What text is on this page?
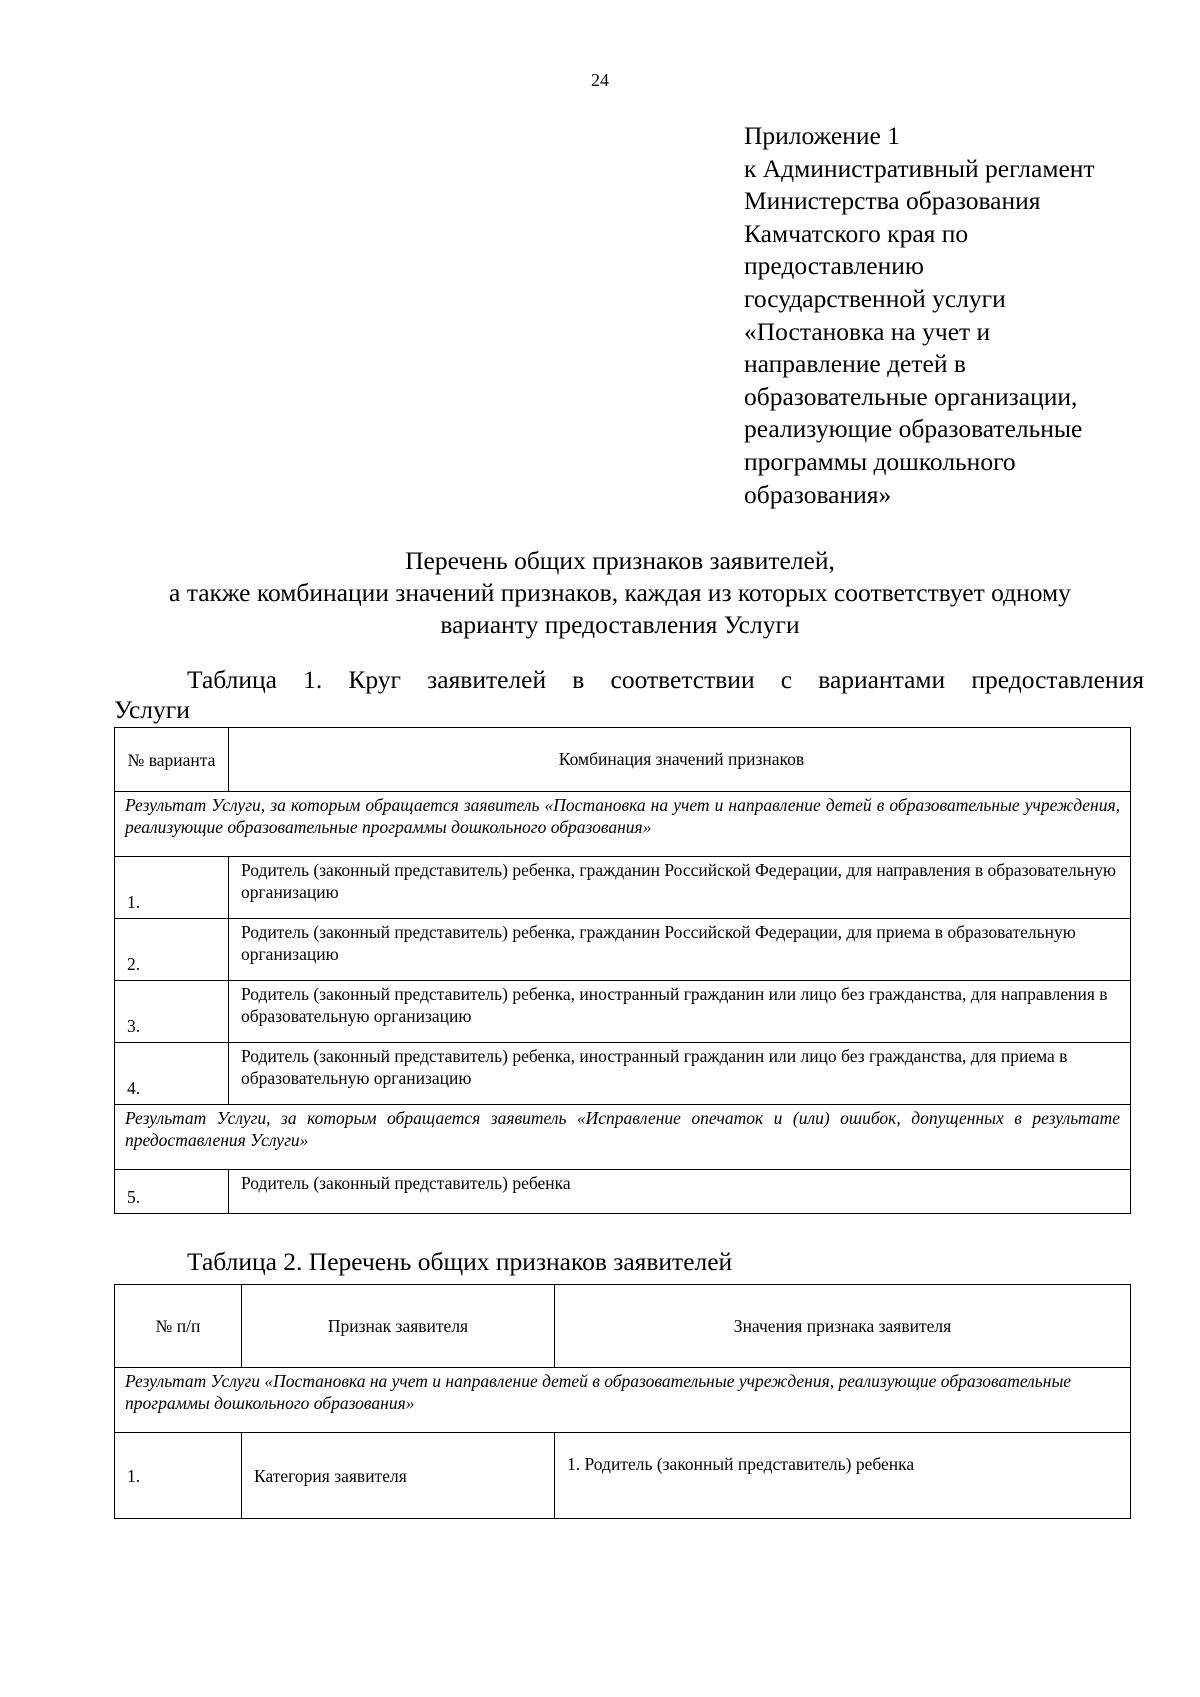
24
Приложение 1
к Административный регламент
Министерства образования
Камчатского края по
предоставлению
государственной услуги
«Постановка на учет и
направление детей в
образовательные организации,
реализующие образовательные
программы дошкольного
образования»
Перечень общих признаков заявителей,
а также комбинации значений признаков, каждая из которых соответствует одному
варианту предоставления Услуги
Таблица 1. Круг заявителей в соответствии с вариантами предоставления
Услуги
№ варианта	Комбинация значений признаков
Результат Услуги, за которым обращается заявитель «Постановка на учет и направление детей в образовательные учреждения, реализующие образовательные программы дошкольного образования»	
1.	Родитель (законный представитель) ребенка, гражданин Российской Федерации, для направления в образовательную организацию
2.	Родитель (законный представитель) ребенка, гражданин Российской Федерации, для приема в образовательную организацию
3.	Родитель (законный представитель) ребенка, иностранный гражданин или лицо без гражданства, для направления в образовательную организацию
4.	Родитель (законный представитель) ребенка, иностранный гражданин или лицо без гражданства, для приема в образовательную организацию
Результат Услуги, за которым обращается заявитель «Исправление опечаток и (или) ошибок, допущенных в результате предоставления Услуги»	
5.	Родитель (законный представитель) ребенка
Таблица 2. Перечень общих признаков заявителей
№ п/п	Признак заявителя	Значения признака заявителя
Результат Услуги «Постановка на учет и направление детей в образовательные учреждения, реализующие образовательные программы дошкольного образования»		
1.	Категория заявителя	1. Родитель (законный представитель) ребенка
